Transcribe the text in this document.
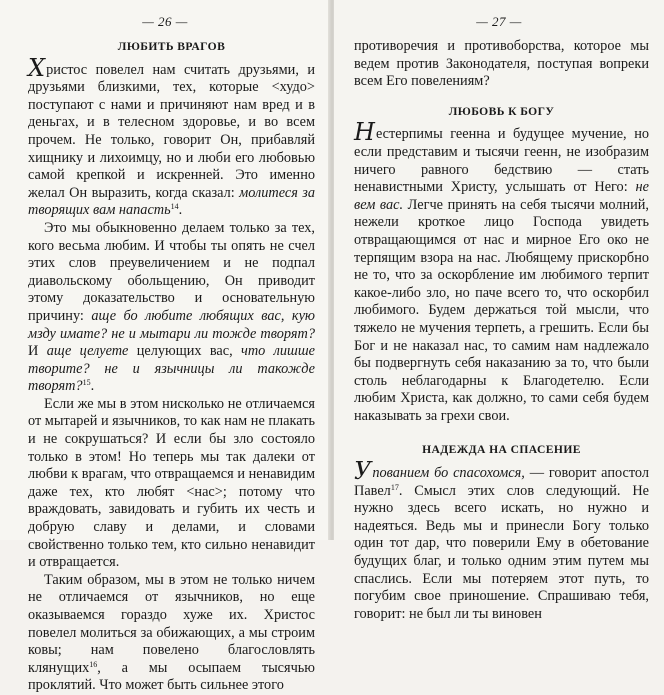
— 26 —
ЛЮБИТЬ ВРАГОВ

Христос повелел нам считать друзьями, и друзьями близкими, тех, которые <худо> поступают с нами и причиняют нам вред и в деньгах, и в телесном здоровье, и во всем прочем. Не только, говорит Он, прибавляй хищнику и лихоимцу, но и люби его любовью самой крепкой и искренней. Это именно желал Он выразить, когда сказал: молитеся за творящих вам напасть$^{14}$.

Это мы обыкновенно делаем только за тех, кого весьма любим. И чтобы ты опять не счел этих слов преувеличением и не подпал диавольскому обольщению, Он приводит этому доказательство и основательную причину: аще бо любите любящих вас, кую мзду имате? не и мытари ли тожде творят? И аще целуете целующих вас, что лишше творите? не и язычницы ли такожде творят?$^{15}$.

Если же мы в этом нисколько не отличаемся от мытарей и язычников, то как нам не плакать и не сокрушаться? И если бы зло состояло только в этом! Но теперь мы так далеки от любви к врагам, что отвращаемся и ненавидим даже тех, кто любят <нас>; потому что враждовать, завидовать и губить их честь и добрую славу и делами, и словами свойственно только тем, кто сильно ненавидит и отвращается.

Таким образом, мы в этом не только ничем не отличаемся от язычников, но еще оказываемся гораздо хуже их. Христос повелел молиться за обижающих, а мы строим ковы; нам повелено благословлять клянущих$^{16}$, а мы осыпаем тысячью проклятий. Что может быть сильнее этого

— 27 —

противоречия и противоборства, которое мы ведем против Законодателя, поступая вопреки всем Его повелениям?

ЛЮБОВЬ К БОГУ

Нестерпимы геенна и будущее мучение, но если представим и тысячи геенн, не изобразим ничего равного бедствию — стать ненавистными Христу, услышать от Него: не вем вас. Легче принять на себя тысячи молний, нежели кроткое лицо Господа увидеть отвращающимся от нас и мирное Его око не терпящим взора на нас. Любящему прискорбно не то, что за оскорбление им любимого терпит какое-либо зло, но паче всего то, что оскорбил любимого. Будем держаться той мысли, что тяжело не мучения терпеть, а грешить. Если бы Бог и не наказал нас, то самим нам надлежало бы подвергнуть себя наказанию за то, что были столь неблагодарны к Благодетелю. Если любим Христа, как должно, то сами себя будем наказывать за грехи свои.

НАДЕЖДА НА СПАСЕНИЕ

Упованием бо спасохомся, — говорит апостол Павел$^{17}$. Смысл этих слов следующий. Не нужно здесь всего искать, но нужно и надеяться. Ведь мы и принесли Богу только один тот дар, что поверили Ему в обетование будущих благ, и только одним этим путем мы спаслись. Если мы потеряем этот путь, то погубим свое приношение. Спрашиваю тебя, говорит: не был ли ты виновен
